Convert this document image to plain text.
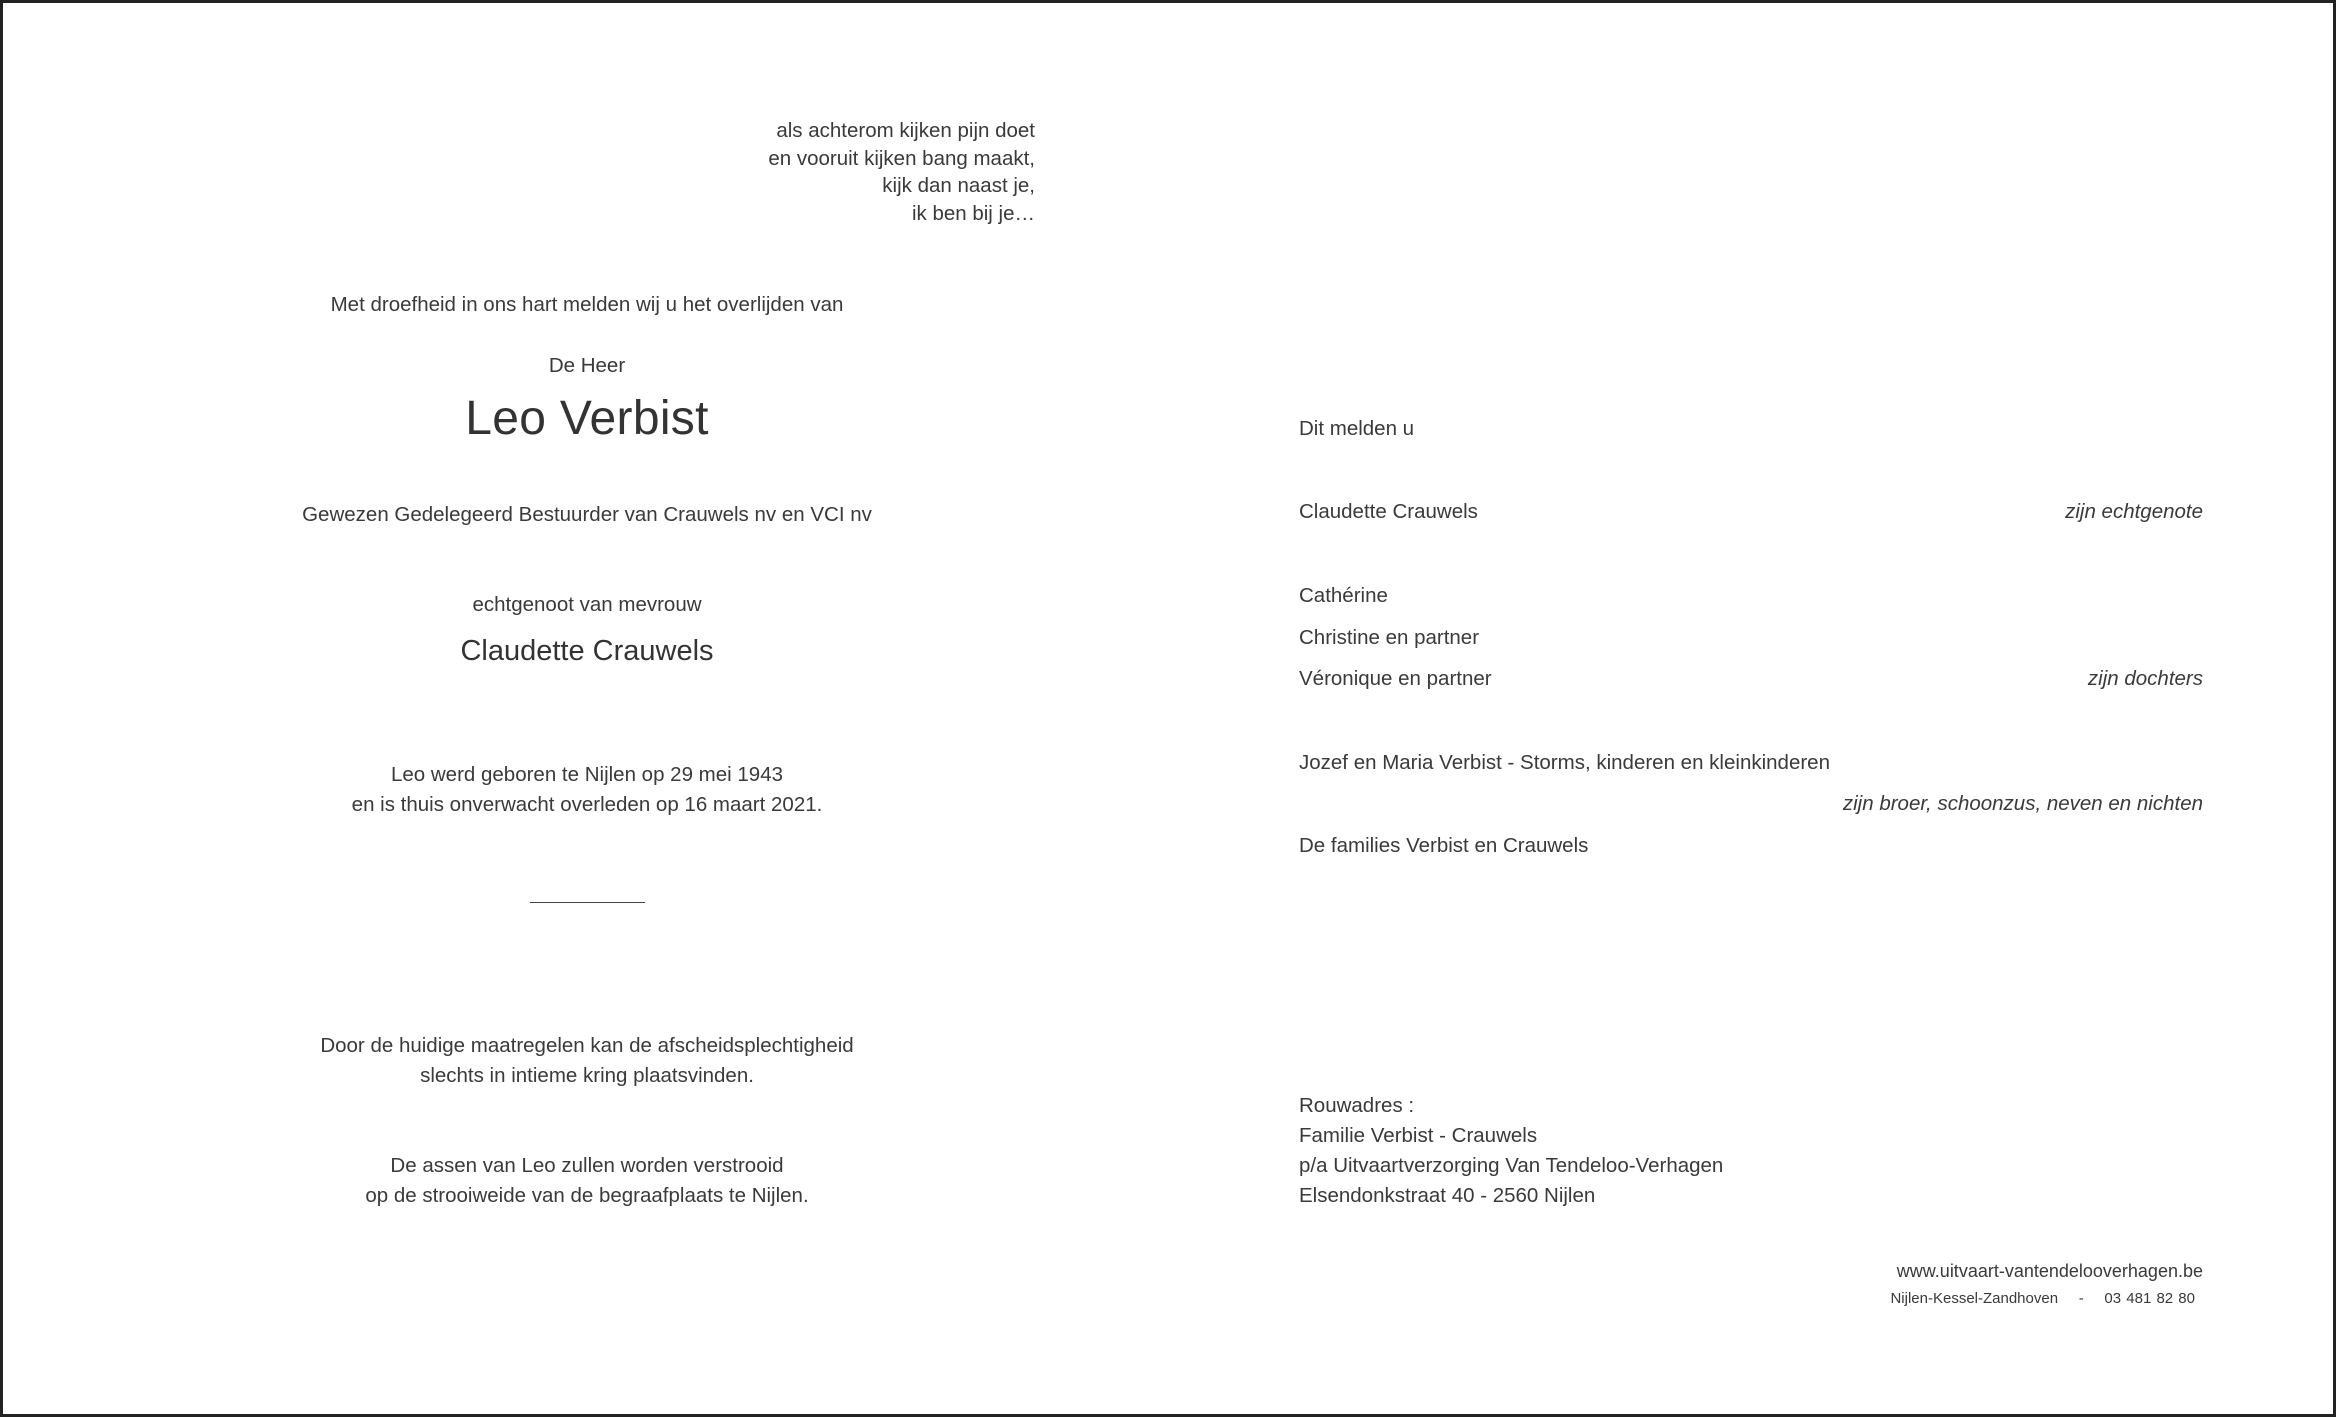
als achterom kijken pijn doet
en vooruit kijken bang maakt,
kijk dan naast je,
ik ben bij je…
Met droefheid in ons hart melden wij u het overlijden van
De Heer
Leo Verbist
Gewezen Gedelegeerd Bestuurder van Crauwels nv en VCI nv
echtgenoot van mevrouw
Claudette Crauwels
Leo werd geboren te Nijlen op 29 mei 1943
en is thuis onverwacht overleden op 16 maart 2021.
Door de huidige maatregelen kan de afscheidsplechtigheid
slechts in intieme kring plaatsvinden.
De assen van Leo zullen worden verstrooid
op de strooiweide van de begraafplaats te Nijlen.
Dit melden u
Claudette Crauwels	zijn echtgenote
Cathérine
Christine en partner
Véronique en partner	zijn dochters
Jozef en Maria Verbist - Storms, kinderen en kleinkinderen
zijn broer, schoonzus, neven en nichten
De families Verbist en Crauwels
Rouwadres :
Familie Verbist - Crauwels
p/a Uitvaartverzorging Van Tendeloo-Verhagen
Elsendonkstraat 40 - 2560 Nijlen
www.uitvaart-vantendelooverhagen.be
Nijlen-Kessel-Zandhoven - 03 481 82 80
